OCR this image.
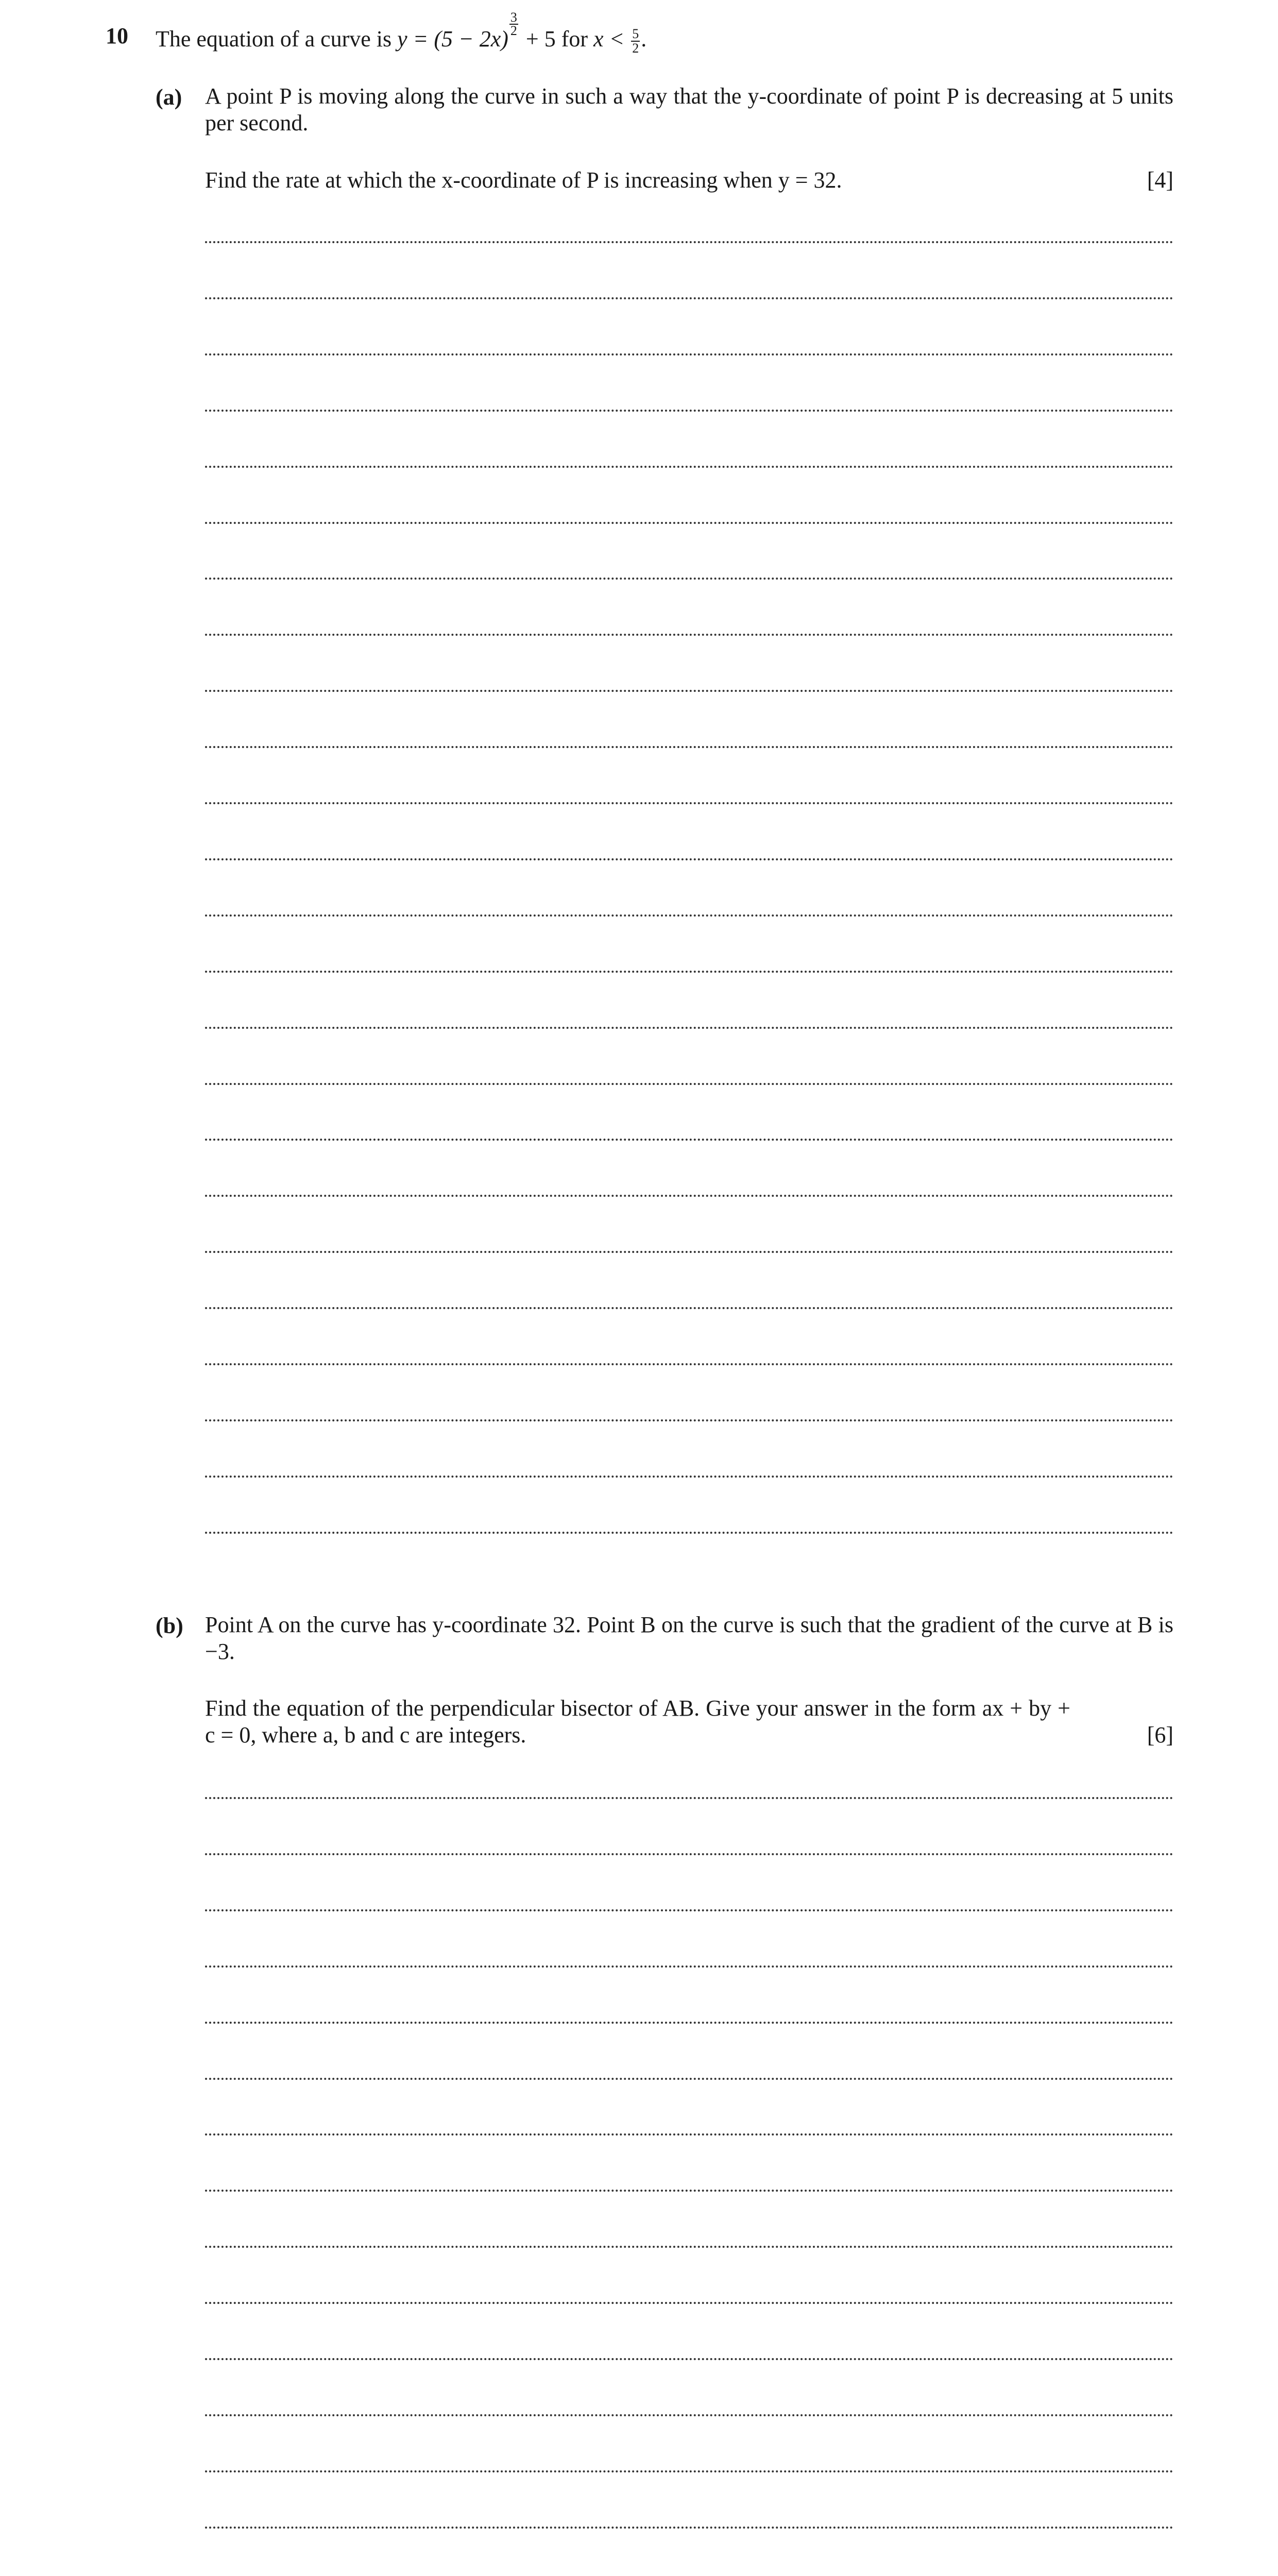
10 The equation of a curve is y = (5 − 2x)
$\frac{3}{2}$
+ 5 for $x < \frac{5}{2}$ .
(a) A point P is moving along the curve in such a way that the y-coordinate of point P is decreasing at 5 units per second.
Find the rate at which the x-coordinate of P is increasing when y = 32.	[4]
(b) Point A on the curve has y-coordinate 32. Point B on the curve is such that the gradient of the curve at B is −3.
Find the equation of the perpendicular bisector of AB. Give your answer in the form ax + by + c = 0, where a, b and c are integers.	[6]
